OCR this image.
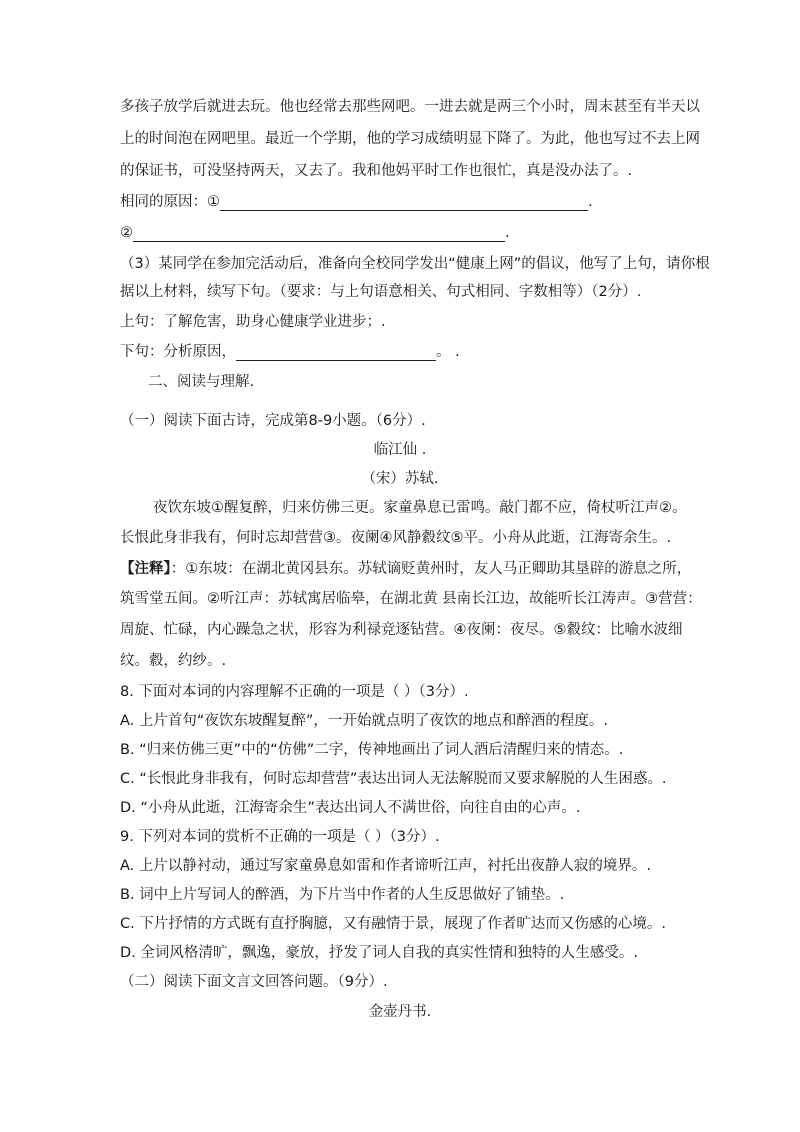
多孩子放学后就进去玩。他也经常去那些网吧。一进去就是两三个小时，周末甚至有半天以
上的时间泡在网吧里。最近一个学期，他的学习成绩明显下降了。为此，他也写过不去上网
的保证书，可没坚持两天，又去了。我和他妈平时工作也很忙，真是没办法了。.
相同的原因：①	.
②	.
（3）某同学在参加完活动后，准备向全校同学发出“健康上网”的倡议，他写了上句，请你根
据以上材料，续写下句。（要求：与上句语意相关、句式相同、字数相等）（2分）.
上句：了解危害，助身心健康学业进步；.
下句：分析原因，	。 .
二、阅读与理解.
（一）阅读下面古诗，完成第8-9小题。（6分）.
临江仙 .
（宋）苏轼.
夜饮东坡①醒复醉，归来仿佛三更。家童鼻息已雷鸣。敲门都不应，倚杖听江声②。
长恨此身非我有，何时忘却营营③。夜阑④风静縠纹⑤平。小舟从此逝，江海寄余生。.
【注释】：①东坡：在湖北黄冈县东。苏轼谪贬黄州时，友人马正卿助其垦辟的游息之所，
筑雪堂五间。②听江声：苏轼寓居临皋，在湖北黄 县南长江边，故能听长江涛声。③营营：
周旋、忙碌，内心躁急之状，形容为利禄竞逐钻营。④夜阑：夜尽。⑤縠纹：比喻水波细
纹。縠，约纱。.
8. 下面对本词的内容理解不正确的一项是（ ）（3分）.
A. 上片首句“夜饮东坡醒复醉”，一开始就点明了夜饮的地点和醉酒的程度。.
B. “归来仿佛三更”中的“仿佛”二字，传神地画出了词人酒后清醒归来的情态。.
C. “长恨此身非我有，何时忘却营营”表达出词人无法解脱而又要求解脱的人生困惑。.
D. “小舟从此逝，江海寄余生”表达出词人不满世俗，向往自由的心声。.
9. 下列对本词的赏析不正确的一项是（ ）（3分）.
A. 上片以静衬动，通过写家童鼻息如雷和作者谛听江声，衬托出夜静人寂的境界。.
B. 词中上片写词人的醉酒，为下片当中作者的人生反思做好了铺垫。.
C. 下片抒情的方式既有直抒胸臆，又有融情于景，展现了作者旷达而又伤感的心境。.
D. 全词风格清旷，飘逸，豪放，抒发了词人自我的真实性情和独特的人生感受。.
（二）阅读下面文言文回答问题。（9分）.
金壶丹书.
